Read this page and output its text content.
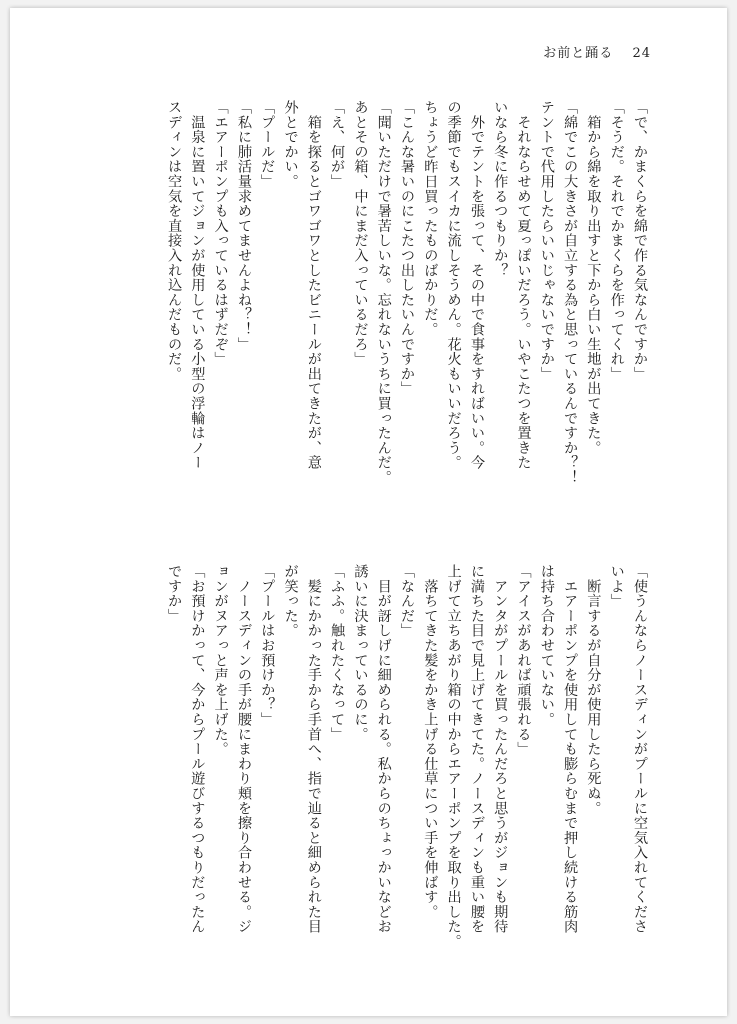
お前と踊る 24
「で、かまくらを綿で作る気なんですか」
「そうだ。それでかまくらを作ってくれ」
　箱から綿を取り出すと下から白い生地が出てきた。
「綿でこの大きさが自立する為と思っているんですか？！
テントで代用したらいいじゃないですか」
　それならせめて夏っぽいだろう。いやこたつを置きた
いなら冬に作るつもりか？
　外でテントを張って、その中で食事をすればいい。今
の季節でもスイカに流しそうめん。花火もいいだろう。
ちょうど昨日買ったものばかりだ。
「こんな暑いのにこたつ出したいんですか」
「聞いただけで暑苦しいな。忘れないうちに買ったんだ。
あとその箱、中にまだ入っているだろ」
「え、何が」
　箱を探るとゴワゴワとしたビニールが出てきたが、意
外とでかい。
「プールだ」
「私に肺活量求めてませんよね？！」
「エアーポンプも入っているはずだぞ」
　温泉に置いてジョンが使用している小型の浮輪はノー
スディンは空気を直接入れ込んだものだ。
「使うんならノースディンがプールに空気入れてくださ
いよ」
　断言するが自分が使用したら死ぬ。
　エアーポンプを使用しても膨らむまで押し続ける筋肉
は持ち合わせていない。
「アイスがあれば頑張れる」
　アンタがプールを買ったんだろと思うがジョンも期待
に満ちた目で見上げてきてた。ノースディンも重い腰を
上げて立ちあがり箱の中からエアーポンプを取り出した。
　落ちてきた髪をかき上げる仕草につい手を伸ばす。
「なんだ」
　目が訝しげに細められる。私からのちょっかいなどお
誘いに決まっているのに。
「ふふ。触れたくなって」
　髪にかかった手から手首へ、指で辿ると細められた目
が笑った。
「プールはお預けか？」
　ノースディンの手が腰にまわり頬を擦り合わせる。ジ
ョンがヌアっと声を上げた。
「お預けかって、今からプール遊びするつもりだったん
ですか」
